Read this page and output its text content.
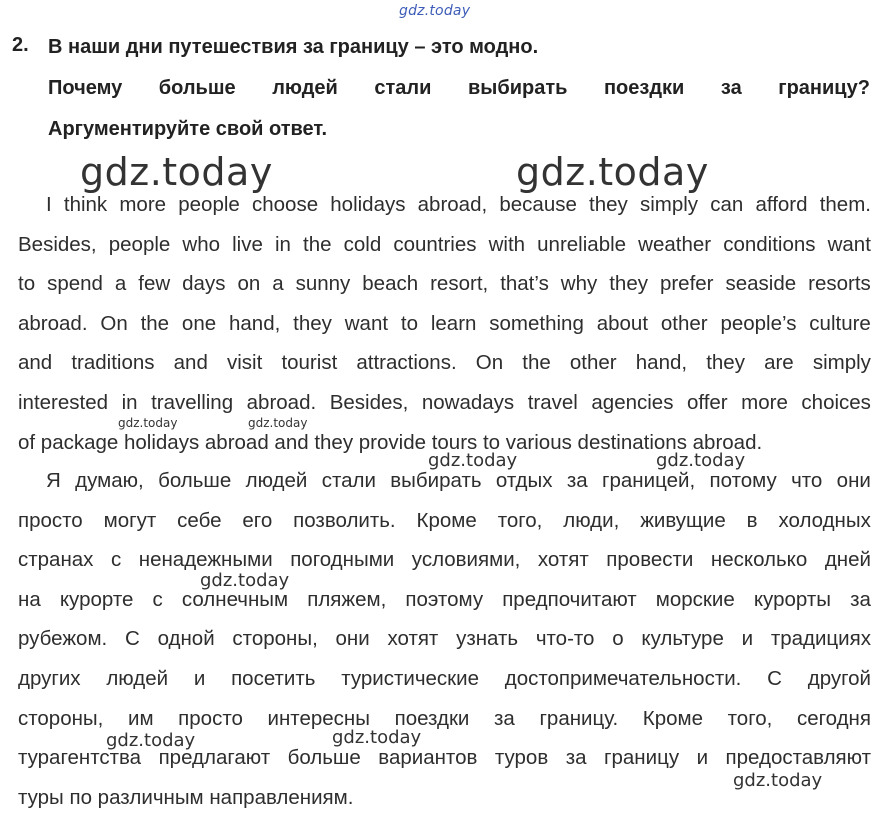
gdz.today
gdz.today	gdz.today
gdz.today	gdz.today
gdz.today	gdz.today
gdz.today
gdz.today	gdz.today
gdz.today
2. В наши дни путешествия за границу – это модно.
Почему больше людей стали выбирать поездки за границу?
Аргументируйте свой ответ.
I think more people choose holidays abroad, because they simply can afford them.
Besides, people who live in the cold countries with unreliable weather conditions want
to spend a few days on a sunny beach resort, that’s why they prefer seaside resorts
abroad. On the one hand, they want to learn something about other people’s culture
and traditions and visit tourist attractions. On the other hand, they are simply
interested in travelling abroad. Besides, nowadays travel agencies offer more choices
of package holidays abroad and they provide tours to various destinations abroad.
Я думаю, больше людей стали выбирать отдых за границей, потому что они
просто могут себе его позволить. Кроме того, люди, живущие в холодных
странах с ненадежными погодными условиями, хотят провести несколько дней
на курорте с солнечным пляжем, поэтому предпочитают морские курорты за
рубежом. С одной стороны, они хотят узнать что-то о культуре и традициях
других людей и посетить туристические достопримечательности. С другой
стороны, им просто интересны поездки за границу. Кроме того, сегодня
турагентства предлагают больше вариантов туров за границу и предоставляют
туры по различным направлениям.
